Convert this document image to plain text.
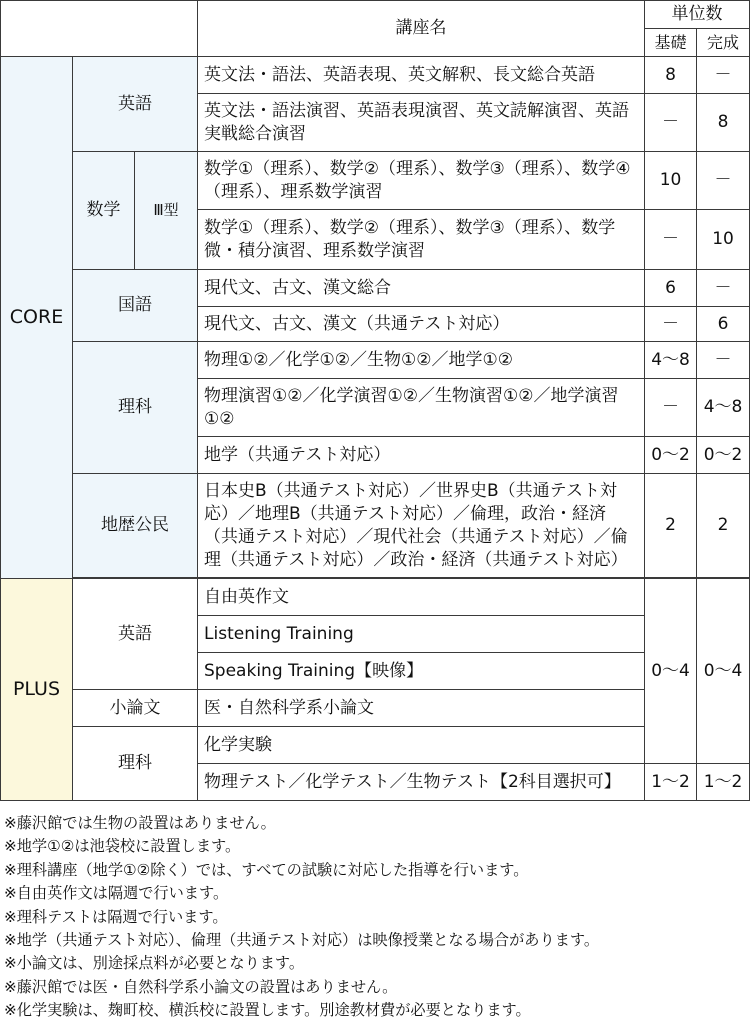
			講座名	単位数	
				基礎	完成
CORE	英語		英文法・語法、英語表現、英文解釈、長文総合英語	8	－
			英文法・語法演習、英語表現演習、英文読解演習、英語実戦総合演習	－	8
	数学	Ⅲ型	数学①（理系）、数学②（理系）、数学③（理系）、数学④（理系）、理系数学演習	10	－
			数学①（理系）、数学②（理系）、数学③（理系）、数学微・積分演習、理系数学演習	－	10
	国語		現代文、古文、漢文総合	6	－
			現代文、古文、漢文（共通テスト対応）	－	6
	理科		物理①②／化学①②／生物①②／地学①②	4～8	－
			物理演習①②／化学演習①②／生物演習①②／地学演習①②	－	4～8
			地学（共通テスト対応）	0～2	0～2
	地歴公民		日本史B（共通テスト対応）／世界史B（共通テスト対応）／地理B（共通テスト対応）／倫理，政治・経済（共通テスト対応）／現代社会（共通テスト対応）／倫理（共通テスト対応）／政治・経済（共通テスト対応）	2	2

PLUS	英語		自由英作文	0～4	0～4
			Listening Training		
			Speaking Training【映像】		
	小論文		医・自然科学系小論文		
	理科		化学実験		
			物理テスト／化学テスト／生物テスト【2科目選択可】	1～2	1～2
※藤沢館では生物の設置はありません。
※地学①②は池袋校に設置します。
※理科講座（地学①②除く）では、すべての試験に対応した指導を行います。
※自由英作文は隔週で行います。
※理科テストは隔週で行います。
※地学（共通テスト対応）、倫理（共通テスト対応）は映像授業となる場合があります。
※小論文は、別途採点料が必要となります。
※藤沢館では医・自然科学系小論文の設置はありません。
※化学実験は、麹町校、横浜校に設置します。別途教材費が必要となります。
